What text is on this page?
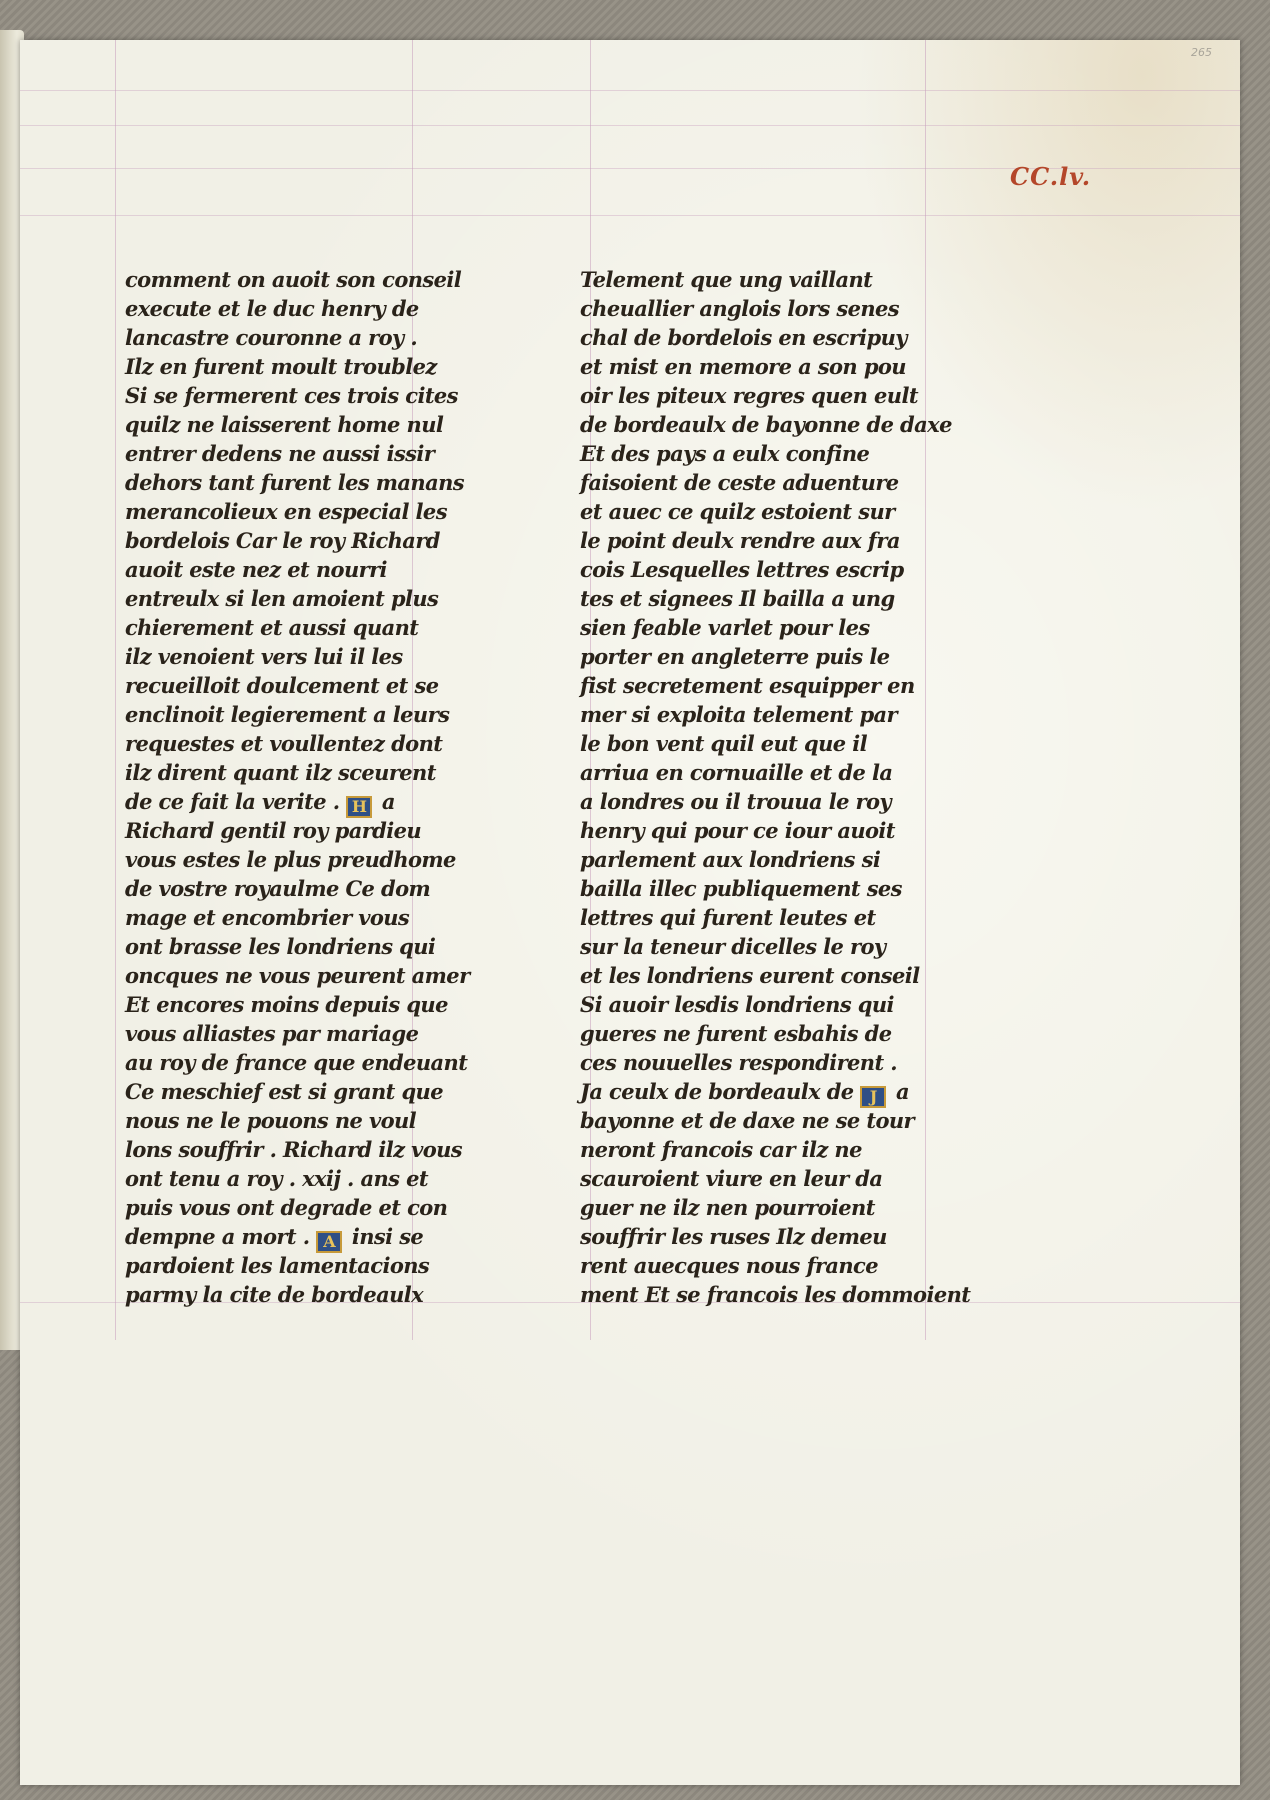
265
CC.lv.
comment on auoit son conseil
execute et le duc henry de
lancastre couronne a roy .
Ilz en furent moult troublez
Si se fermerent ces trois cites
quilz ne laisserent home nul
entrer dedens ne aussi issir
dehors tant furent les manans
merancolieux en especial les
bordelois Car le roy Richard
auoit este nez et nourri
entreulx si len amoient plus
chierement et aussi quant
ilz venoient vers lui il les
recueilloit doulcement et se
enclinoit legierement a leurs
requestes et voullentez dont
ilz dirent quant ilz sceurent
de ce fait la verite . H a
Richard gentil roy pardieu
vous estes le plus preudhome
de vostre royaulme Ce dom
mage et encombrier vous
ont brasse les londriens qui
oncques ne vous peurent amer
Et encores moins depuis que
vous alliastes par mariage
au roy de france que endeuant
Ce meschief est si grant que
nous ne le pouons ne voul
lons souffrir . Richard ilz vous
ont tenu a roy . xxij . ans et
puis vous ont degrade et con
dempne a mort . A insi se
pardoient les lamentacions
parmy la cite de bordeaulx
Telement que ung vaillant
cheuallier anglois lors senes
chal de bordelois en escripuy
et mist en memore a son pou
oir les piteux regres quen eult
de bordeaulx de bayonne de daxe
Et des pays a eulx confine
faisoient de ceste aduenture
et auec ce quilz estoient sur
le point deulx rendre aux fra
cois Lesquelles lettres escrip
tes et signees Il bailla a ung
sien feable varlet pour les
porter en angleterre puis le
fist secretement esquipper en
mer si exploita telement par
le bon vent quil eut que il
arriua en cornuaille et de la
a londres ou il trouua le roy
henry qui pour ce iour auoit
parlement aux londriens si
bailla illec publiquement ses
lettres qui furent leutes et
sur la teneur dicelles le roy
et les londriens eurent conseil
Si auoir lesdis londriens qui
gueres ne furent esbahis de
ces nouuelles respondirent .
Ja ceulx de bordeaulx de J a
bayonne et de daxe ne se tour
neront francois car ilz ne
scauroient viure en leur da
guer ne ilz nen pourroient
souffrir les ruses Ilz demeu
rent auecques nous france
ment Et se francois les dommoient
